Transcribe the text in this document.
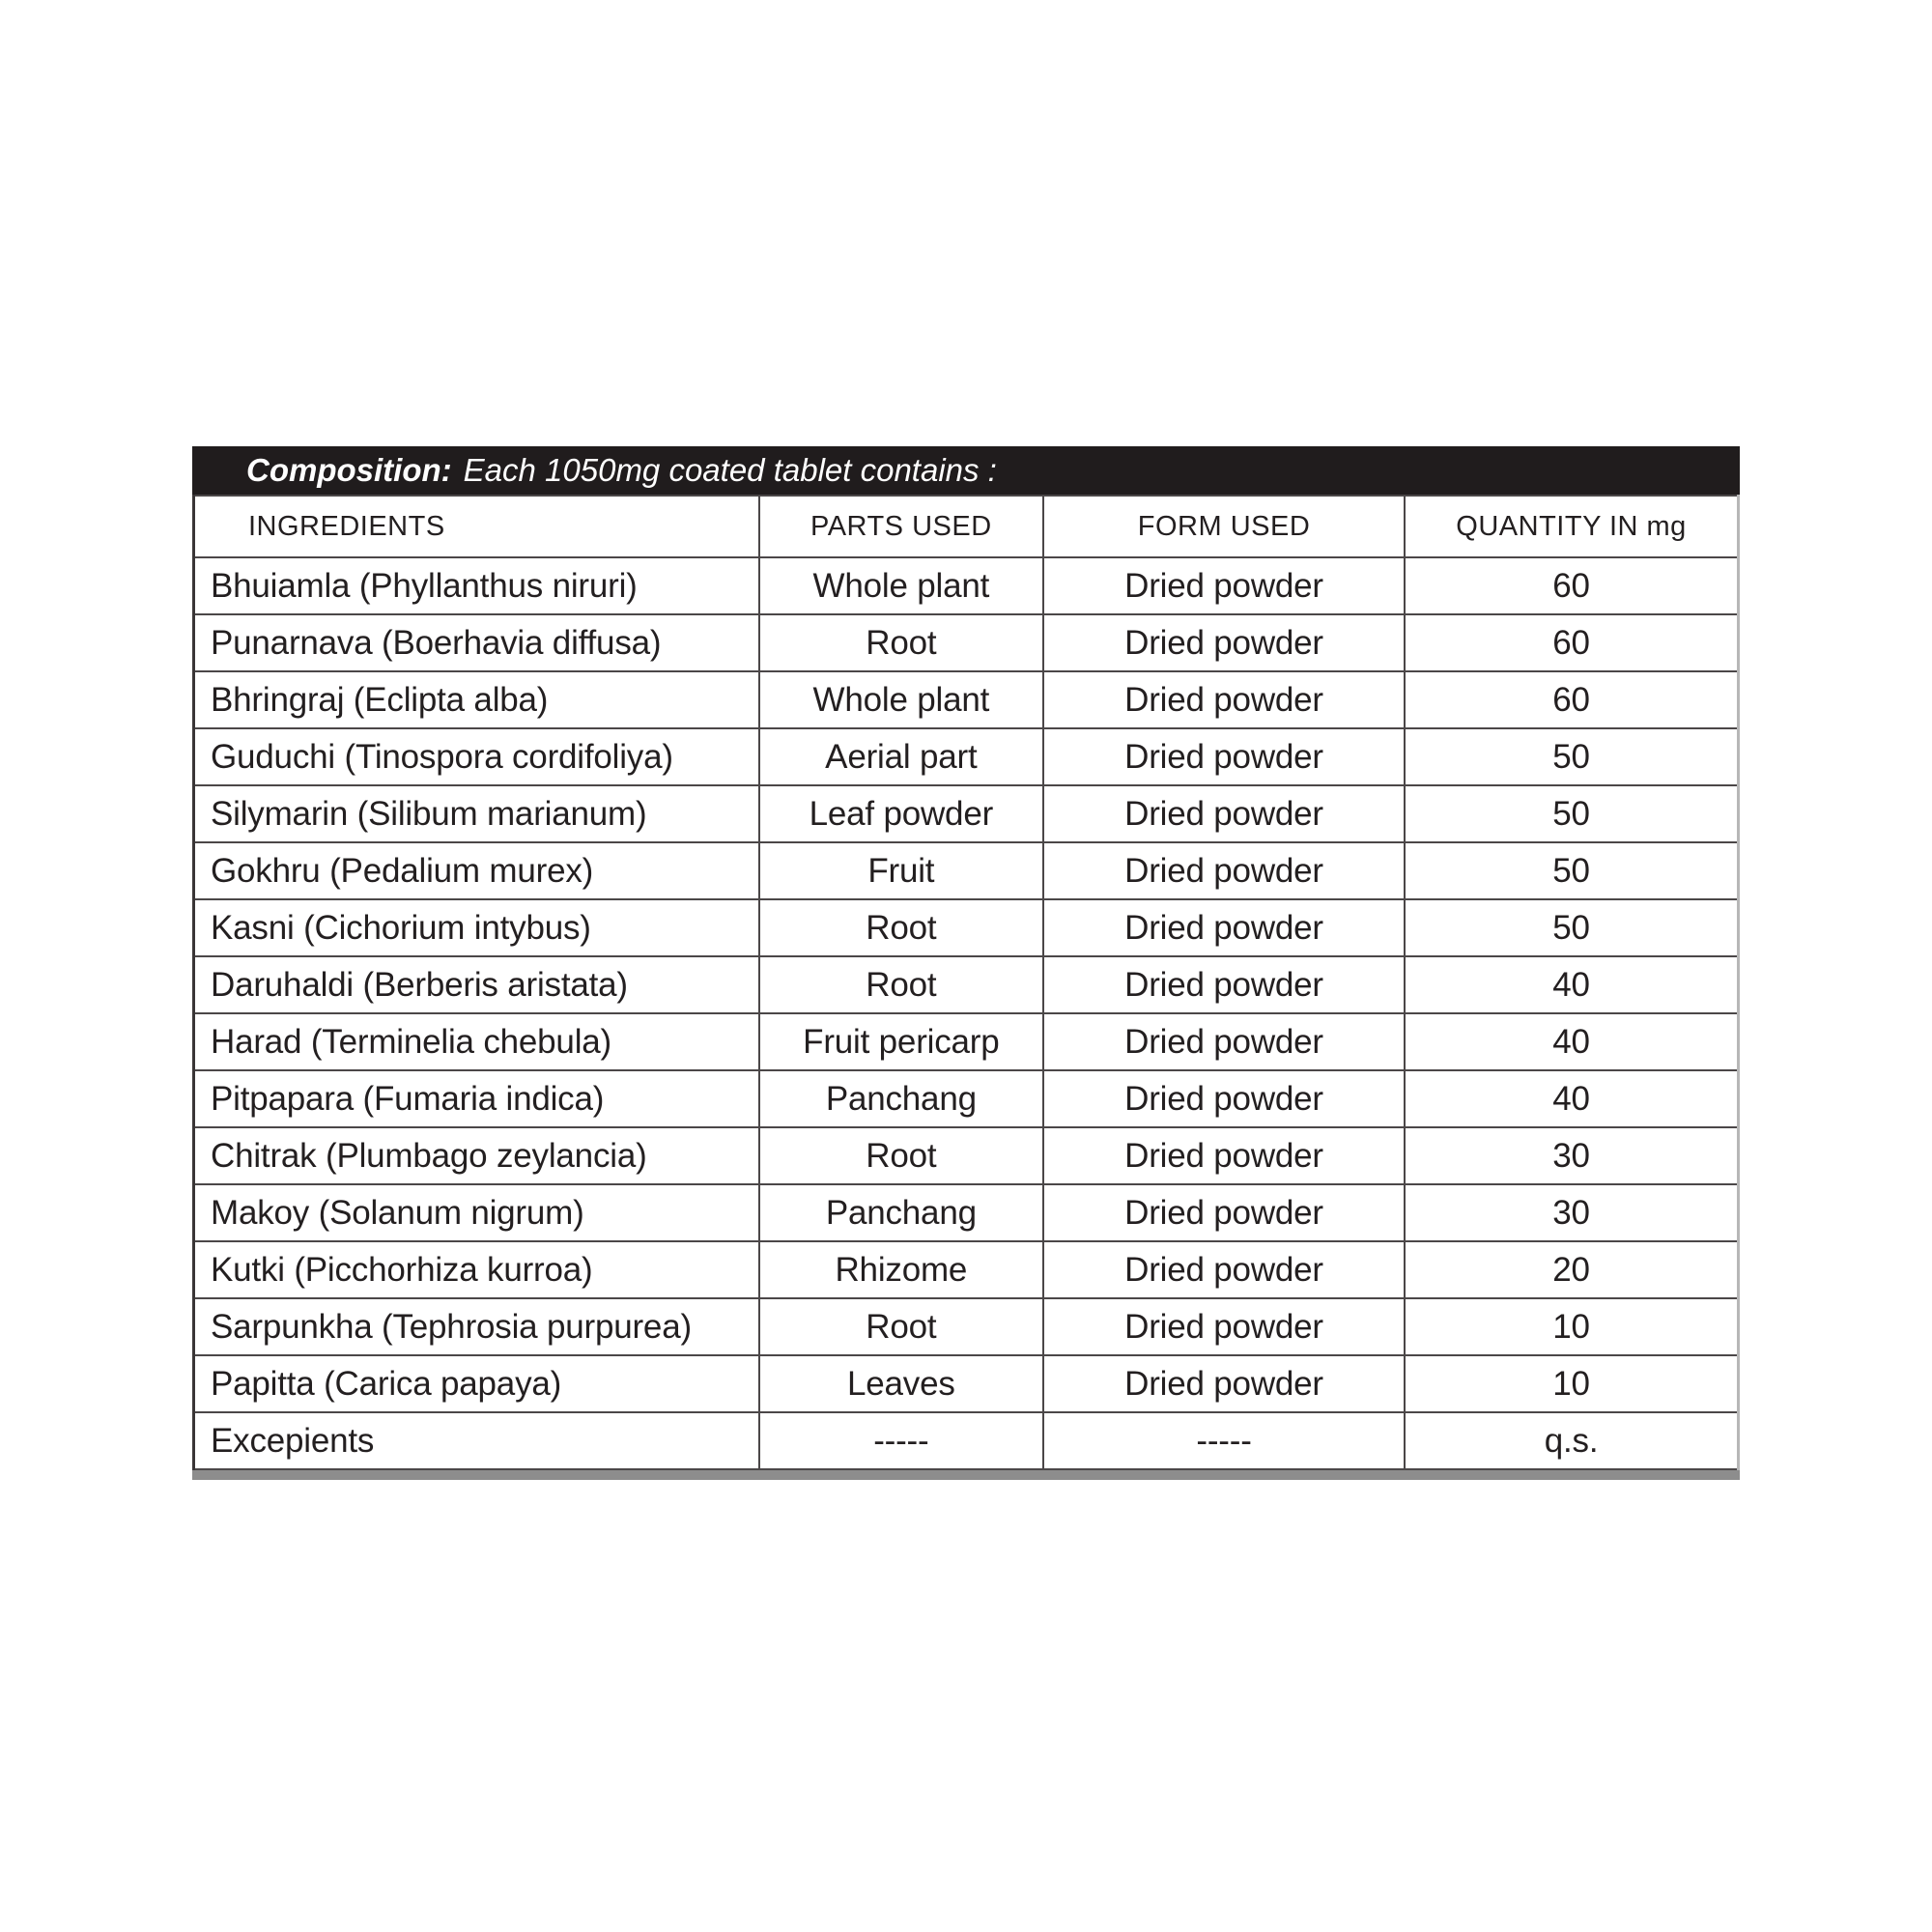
Composition: Each 1050mg coated tablet contains :
INGREDIENTS	PARTS USED	FORM USED	QUANTITY IN mg
Bhuiamla (Phyllanthus niruri)	Whole plant	Dried powder	60
Punarnava (Boerhavia diffusa)	Root	Dried powder	60
Bhringraj (Eclipta alba)	Whole plant	Dried powder	60
Guduchi (Tinospora cordifoliya)	Aerial part	Dried powder	50
Silymarin (Silibum marianum)	Leaf powder	Dried powder	50
Gokhru (Pedalium murex)	Fruit	Dried powder	50
Kasni (Cichorium intybus)	Root	Dried powder	50
Daruhaldi (Berberis aristata)	Root	Dried powder	40
Harad (Terminelia chebula)	Fruit pericarp	Dried powder	40
Pitpapara (Fumaria indica)	Panchang	Dried powder	40
Chitrak (Plumbago zeylancia)	Root	Dried powder	30
Makoy (Solanum nigrum)	Panchang	Dried powder	30
Kutki (Picchorhiza kurroa)	Rhizome	Dried powder	20
Sarpunkha (Tephrosia purpurea)	Root	Dried powder	10
Papitta (Carica papaya)	Leaves	Dried powder	10
Excepients	-----	-----	q.s.
